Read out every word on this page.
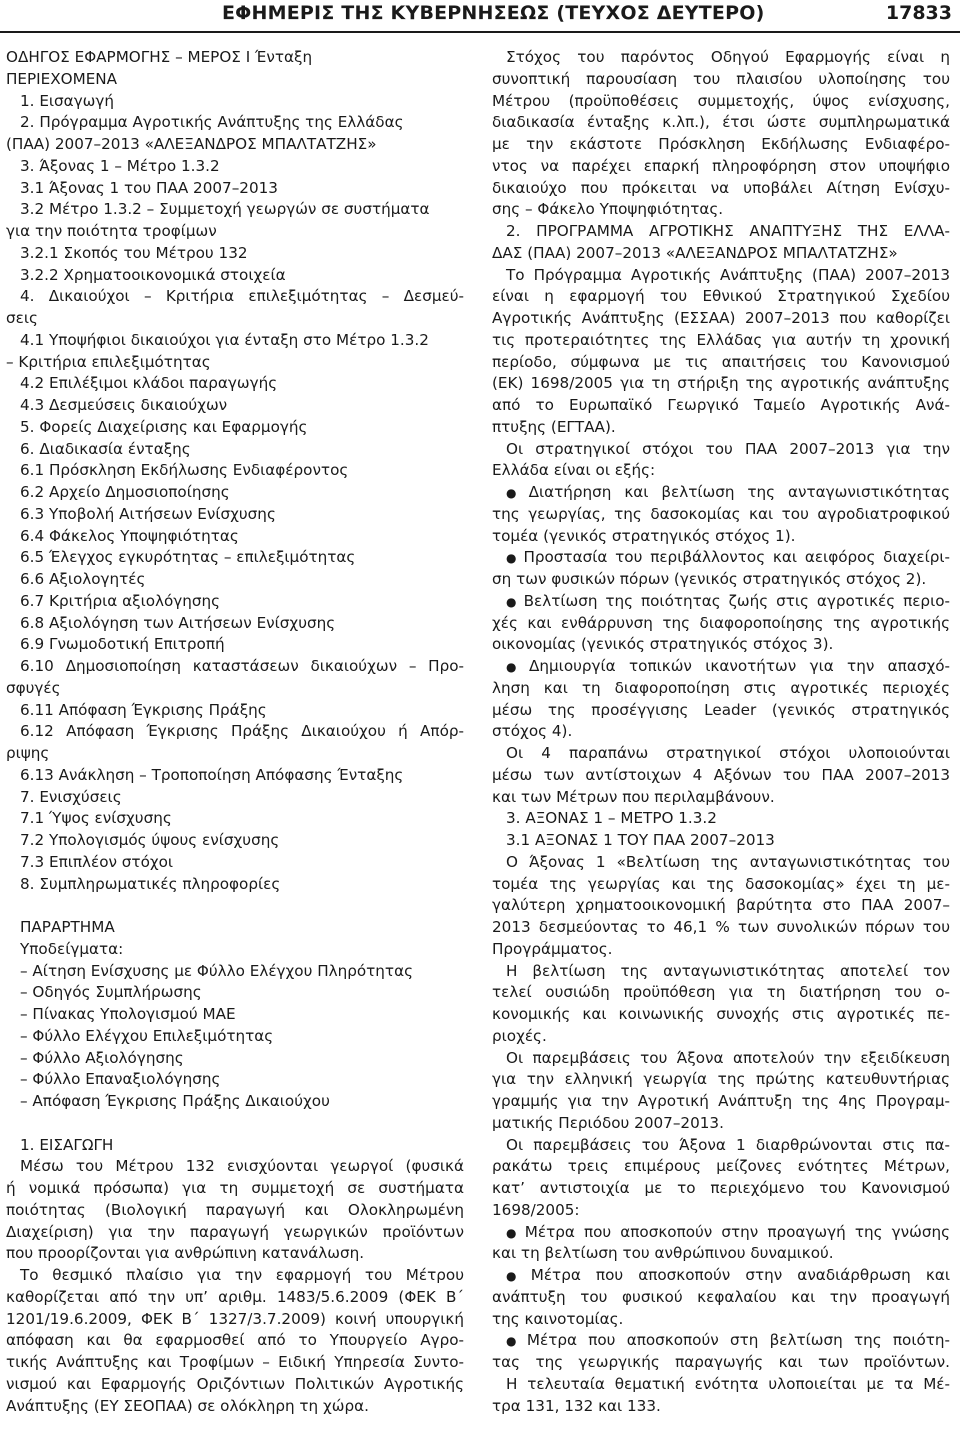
ΕΦΗΜΕΡΙΣ ΤΗΣ ΚΥΒΕΡΝΗΣΕΩΣ (ΤΕΥΧΟΣ ΔΕΥΤΕΡΟ)	17833
ΟΔΗΓΟΣ ΕΦΑΡΜΟΓΗΣ – ΜΕΡΟΣ Ι Ένταξη
ΠΕΡΙΕΧΟΜΕΝΑ
1. Εισαγωγή
2. Πρόγραμμα Αγροτικής Ανάπτυξης της Ελλάδας
(ΠΑΑ) 2007–2013 «ΑΛΕΞΑΝΔΡΟΣ ΜΠΑΛΤΑΤΖΗΣ»
3. Άξονας 1 – Μέτρο 1.3.2
3.1 Άξονας 1 του ΠΑΑ 2007–2013
3.2 Μέτρο 1.3.2 – Συμμετοχή γεωργών σε συστήματα
για την ποιότητα τροφίμων
3.2.1 Σκοπός του Μέτρου 132
3.2.2 Χρηματοοικονομικά στοιχεία
4. Δικαιούχοι – Κριτήρια επιλεξιμότητας – Δεσμεύ-
σεις
4.1 Υποψήφιοι δικαιούχοι για ένταξη στο Μέτρο 1.3.2
– Κριτήρια επιλεξιμότητας
4.2 Επιλέξιμοι κλάδοι παραγωγής
4.3 Δεσμεύσεις δικαιούχων
5. Φορείς Διαχείρισης και Εφαρμογής
6. Διαδικασία ένταξης
6.1 Πρόσκληση Εκδήλωσης Ενδιαφέροντος
6.2 Αρχείο Δημοσιοποίησης
6.3 Υποβολή Αιτήσεων Ενίσχυσης
6.4 Φάκελος Υποψηφιότητας
6.5 Έλεγχος εγκυρότητας – επιλεξιμότητας
6.6 Αξιολογητές
6.7 Κριτήρια αξιολόγησης
6.8 Αξιολόγηση των Αιτήσεων Ενίσχυσης
6.9 Γνωμοδοτική Επιτροπή
6.10 Δημοσιοποίηση καταστάσεων δικαιούχων – Προ-
σφυγές
6.11 Απόφαση Έγκρισης Πράξης
6.12 Απόφαση Έγκρισης Πράξης Δικαιούχου ή Απόρ-
ριψης
6.13 Ανάκληση – Τροποποίηση Απόφασης Ένταξης
7. Ενισχύσεις
7.1 Ύψος ενίσχυσης
7.2 Υπολογισμός ύψους ενίσχυσης
7.3 Επιπλέον στόχοι
8. Συμπληρωματικές πληροφορίες
ΠΑΡΑΡΤΗΜΑ
Υποδείγματα:
– Αίτηση Ενίσχυσης με Φύλλο Ελέγχου Πληρότητας
– Οδηγός Συμπλήρωσης
– Πίνακας Υπολογισμού ΜΑΕ
– Φύλλο Ελέγχου Επιλεξιμότητας
– Φύλλο Αξιολόγησης
– Φύλλο Επαναξιολόγησης
– Απόφαση Έγκρισης Πράξης Δικαιούχου
1. ΕΙΣΑΓΩΓΗ
Μέσω του Μέτρου 132 ενισχύονται γεωργοί (φυσικά
ή νομικά πρόσωπα) για τη συμμετοχή σε συστήματα
ποιότητας (Βιολογική παραγωγή και Ολοκληρωμένη
Διαχείριση) για την παραγωγή γεωργικών προϊόντων
που προορίζονται για ανθρώπινη κατανάλωση.
Το θεσμικό πλαίσιο για την εφαρμογή του Μέτρου
καθορίζεται από την υπ’ αριθμ. 1483/5.6.2009 (ΦΕΚ Β΄
1201/19.6.2009, ΦΕΚ Β΄ 1327/3.7.2009) κοινή υπουργική
απόφαση και θα εφαρμοσθεί από το Υπουργείο Αγρο-
τικής Ανάπτυξης και Τροφίμων – Ειδική Υπηρεσία Συντο-
νισμού και Εφαρμογής Οριζόντιων Πολιτικών Αγροτικής
Ανάπτυξης (ΕΥ ΣΕΟΠΑΑ) σε ολόκληρη τη χώρα.
Στόχος του παρόντος Οδηγού Εφαρμογής είναι η
συνοπτική παρουσίαση του πλαισίου υλοποίησης του
Μέτρου (προϋποθέσεις συμμετοχής, ύψος ενίσχυσης,
διαδικασία ένταξης κ.λπ.), έτσι ώστε συμπληρωματικά
με την εκάστοτε Πρόσκληση Εκδήλωσης Ενδιαφέρο-
ντος να παρέχει επαρκή πληροφόρηση στον υποψήφιο
δικαιούχο που πρόκειται να υποβάλει Αίτηση Ενίσχυ-
σης – Φάκελο Υποψηφιότητας.
2. ΠΡΟΓΡΑΜΜΑ ΑΓΡΟΤΙΚΗΣ ΑΝΑΠΤΥΞΗΣ ΤΗΣ ΕΛΛΑ-
ΔΑΣ (ΠΑΑ) 2007–2013 «ΑΛΕΞΑΝΔΡΟΣ ΜΠΑΛΤΑΤΖΗΣ»
Το Πρόγραμμα Αγροτικής Ανάπτυξης (ΠΑΑ) 2007–2013
είναι η εφαρμογή του Εθνικού Στρατηγικού Σχεδίου
Αγροτικής Ανάπτυξης (ΕΣΣΑΑ) 2007–2013 που καθορίζει
τις προτεραιότητες της Ελλάδας για αυτήν τη χρονική
περίοδο, σύμφωνα με τις απαιτήσεις του Κανονισμού
(ΕΚ) 1698/2005 για τη στήριξη της αγροτικής ανάπτυξης
από το Ευρωπαϊκό Γεωργικό Ταμείο Αγροτικής Ανά-
πτυξης (ΕΓΤΑΑ).
Οι στρατηγικοί στόχοι του ΠΑΑ 2007–2013 για την
Ελλάδα είναι οι εξής:
● Διατήρηση και βελτίωση της ανταγωνιστικότητας
της γεωργίας, της δασοκομίας και του αγροδιατροφικού
τομέα (γενικός στρατηγικός στόχος 1).
● Προστασία του περιβάλλοντος και αειφόρος διαχείρι-
ση των φυσικών πόρων (γενικός στρατηγικός στόχος 2).
● Βελτίωση της ποιότητας ζωής στις αγροτικές περιο-
χές και ενθάρρυνση της διαφοροποίησης της αγροτικής
οικονομίας (γενικός στρατηγικός στόχος 3).
● Δημιουργία τοπικών ικανοτήτων για την απασχό-
ληση και τη διαφοροποίηση στις αγροτικές περιοχές
μέσω της προσέγγισης Leader (γενικός στρατηγικός
στόχος 4).
Οι 4 παραπάνω στρατηγικοί στόχοι υλοποιούνται
μέσω των αντίστοιχων 4 Αξόνων του ΠΑΑ 2007–2013
και των Μέτρων που περιλαμβάνουν.
3. ΑΞΟΝΑΣ 1 – ΜΕΤΡΟ 1.3.2
3.1 ΑΞΟΝΑΣ 1 ΤΟΥ ΠΑΑ 2007–2013
Ο Άξονας 1 «Βελτίωση της ανταγωνιστικότητας του
τομέα της γεωργίας και της δασοκομίας» έχει τη με-
γαλύτερη χρηματοοικονομική βαρύτητα στο ΠΑΑ 2007–
2013 δεσμεύοντας το 46,1 % των συνολικών πόρων του
Προγράμματος.
Η βελτίωση της ανταγωνιστικότητας αποτελεί τον
τελεί ουσιώδη προϋπόθεση για τη διατήρηση του ο-
κονομικής και κοινωνικής συνοχής στις αγροτικές πε-
ριοχές.
Οι παρεμβάσεις του Άξονα αποτελούν την εξειδίκευση
για την ελληνική γεωργία της πρώτης κατευθυντήριας
γραμμής για την Αγροτική Ανάπτυξη της 4ης Προγραμ-
ματικής Περιόδου 2007–2013.
Οι παρεμβάσεις του Άξονα 1 διαρθρώνονται στις πα-
ρακάτω τρεις επιμέρους μείζονες ενότητες Μέτρων,
κατ’ αντιστοιχία με το περιεχόμενο του Κανονισμού
1698/2005:
● Μέτρα που αποσκοπούν στην προαγωγή της γνώσης
και τη βελτίωση του ανθρώπινου δυναμικού.
● Μέτρα που αποσκοπούν στην αναδιάρθρωση και
ανάπτυξη του φυσικού κεφαλαίου και την προαγωγή
της καινοτομίας.
● Μέτρα που αποσκοπούν στη βελτίωση της ποιότη-
τας της γεωργικής παραγωγής και των προϊόντων.
Η τελευταία θεματική ενότητα υλοποιείται με τα Μέ-
τρα 131, 132 και 133.
